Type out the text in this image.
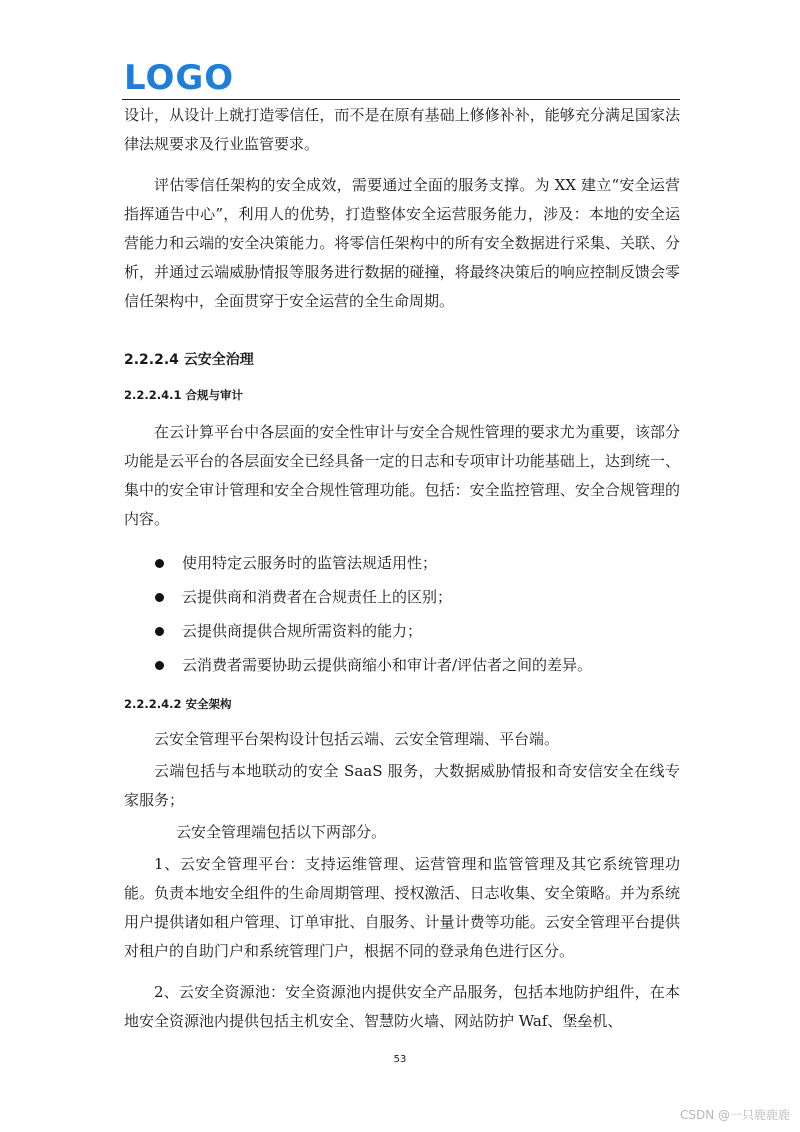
LOGO

设计，从设计上就打造零信任，而不是在原有基础上修修补补，能够充分满足国家法律法规要求及行业监管要求。

评估零信任架构的安全成效，需要通过全面的服务支撑。为 XX 建立“安全运营指挥通告中心”，利用人的优势，打造整体安全运营服务能力，涉及：本地的安全运营能力和云端的安全决策能力。将零信任架构中的所有安全数据进行采集、关联、分析，并通过云端威胁情报等服务进行数据的碰撞，将最终决策后的响应控制反馈会零信任架构中，全面贯穿于安全运营的全生命周期。

2.2.2.4 云安全治理
2.2.2.4.1 合规与审计

在云计算平台中各层面的安全性审计与安全合规性管理的要求尤为重要，该部分功能是云平台的各层面安全已经具备一定的日志和专项审计功能基础上，达到统一、集中的安全审计管理和安全合规性管理功能。包括：安全监控管理、安全合规管理的内容。

使用特定云服务时的监管法规适用性；
云提供商和消费者在合规责任上的区别；
云提供商提供合规所需资料的能力；
云消费者需要协助云提供商缩小和审计者/评估者之间的差异。
2.2.2.4.2 安全架构

云安全管理平台架构设计包括云端、云安全管理端、平台端。

云端包括与本地联动的安全 SaaS 服务，大数据威胁情报和奇安信安全在线专家服务；

云安全管理端包括以下两部分。

1、云安全管理平台：支持运维管理、运营管理和监管管理及其它系统管理功能。负责本地安全组件的生命周期管理、授权激活、日志收集、安全策略。并为系统用户提供诸如租户管理、订单审批、自服务、计量计费等功能。云安全管理平台提供对租户的自助门户和系统管理门户，根据不同的登录角色进行区分。

2、云安全资源池：安全资源池内提供安全产品服务，包括本地防护组件，在本地安全资源池内提供包括主机安全、智慧防火墙、网站防护 Waf、堡垒机、

53
CSDN @一只鹿鹿鹿
